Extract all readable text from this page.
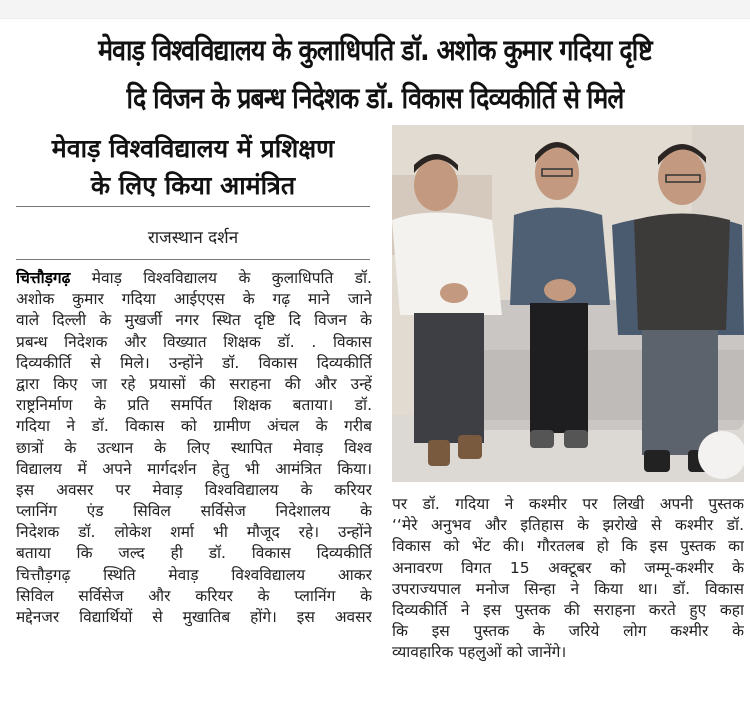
मेवाड़ विश्वविद्यालय के कुलाधिपति डॉ. अशोक कुमार गदिया दृष्टि
दि विजन के प्रबन्ध निदेशक डॉ. विकास दिव्यकीर्ति से मिले
मेवाड़ विश्वविद्यालय में प्रशिक्षण
के लिए किया आमंत्रित
राजस्थान दर्शन
चित्तौड़गढ़ मेवाड़ विश्वविद्यालय के कुलाधिपति डॉ.
अशोक कुमार गदिया आईएएस के गढ़ माने जाने
वाले दिल्ली के मुखर्जी नगर स्थित दृष्टि दि विजन के
प्रबन्ध निदेशक और विख्यात शिक्षक डॉ. . विकास
दिव्यकीर्ति से मिले। उन्होंने डॉ. विकास दिव्यकीर्ति
द्वारा किए जा रहे प्रयासों की सराहना की और उन्हें
राष्ट्रनिर्माण के प्रति समर्पित शिक्षक बताया। डॉ.
गदिया ने डॉ. विकास को ग्रामीण अंचल के गरीब
छात्रों के उत्थान के लिए स्थापित मेवाड़ विश्व
विद्यालय में अपने मार्गदर्शन हेतु भी आमंत्रित किया।
इस अवसर पर मेवाड़ विश्वविद्यालय के करियर
प्लानिंग एंड सिविल सर्विसेज निदेशालय के
निदेशक डॉ. लोकेश शर्मा भी मौजूद रहे। उन्होंने
बताया कि जल्द ही डॉ. विकास दिव्यकीर्ति
चित्तौड़गढ़ स्थिति मेवाड़ विश्वविद्यालय आकर
सिविल सर्विसेज और करियर के प्लानिंग के
मद्देनजर विद्यार्थियों से मुखातिब होंगे। इस अवसर
पर डॉ. गदिया ने कश्मीर पर लिखी अपनी पुस्तक
‘‘मेरे अनुभव और इतिहास के झरोखे से कश्मीर डॉ.
विकास को भेंट की। गौरतलब हो कि इस पुस्तक का
अनावरण विगत 15 अक्टूबर को जम्मू-कश्मीर के
उपराज्यपाल मनोज सिन्हा ने किया था। डॉ. विकास
दिव्यकीर्ति ने इस पुस्तक की सराहना करते हुए कहा
कि इस पुस्तक के जरिये लोग कश्मीर के
व्यावहारिक पहलुओं को जानेंगे।
